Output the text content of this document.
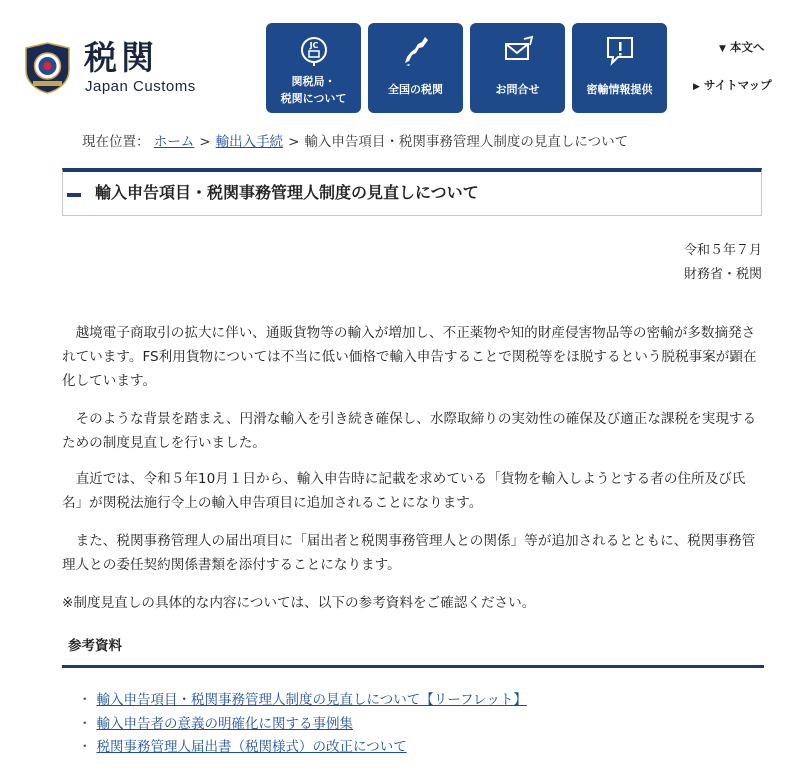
税関
Japan Customs
JC
関税局・
税関について
全国の税関	お問合せ	密輸情報提供
▼ 本文へ
▶ サイトマップ
現在位置： ホーム > 輸出入手続 > 輸入申告項目・税関事務管理人制度の見直しについて
輸入申告項目・税関事務管理人制度の見直しについて
令和５年７月
財務省・税関

越境電子商取引の拡大に伴い、通販貨物等の輸入が増加し、不正薬物や知的財産侵害物品等の密輸が多数摘発されています。FS利用貨物については不当に低い価格で輸入申告することで関税等をほ脱するという脱税事案が顕在化しています。

そのような背景を踏まえ、円滑な輸入を引き続き確保し、水際取締りの実効性の確保及び適正な課税を実現するための制度見直しを行いました。

直近では、令和５年10月１日から、輸入申告時に記載を求めている「貨物を輸入しようとする者の住所及び氏名」が関税法施行令上の輸入申告項目に追加されることになります。

また、税関事務管理人の届出項目に「届出者と税関事務管理人との関係」等が追加されるとともに、税関事務管理人との委任契約関係書類を添付することになります。

※制度見直しの具体的な内容については、以下の参考資料をご確認ください。
参考資料
・ 輸入申告項目・税関事務管理人制度の見直しについて【リーフレット】
・ 輸入申告者の意義の明確化に関する事例集
・ 税関事務管理人届出書（税関様式）の改正について
